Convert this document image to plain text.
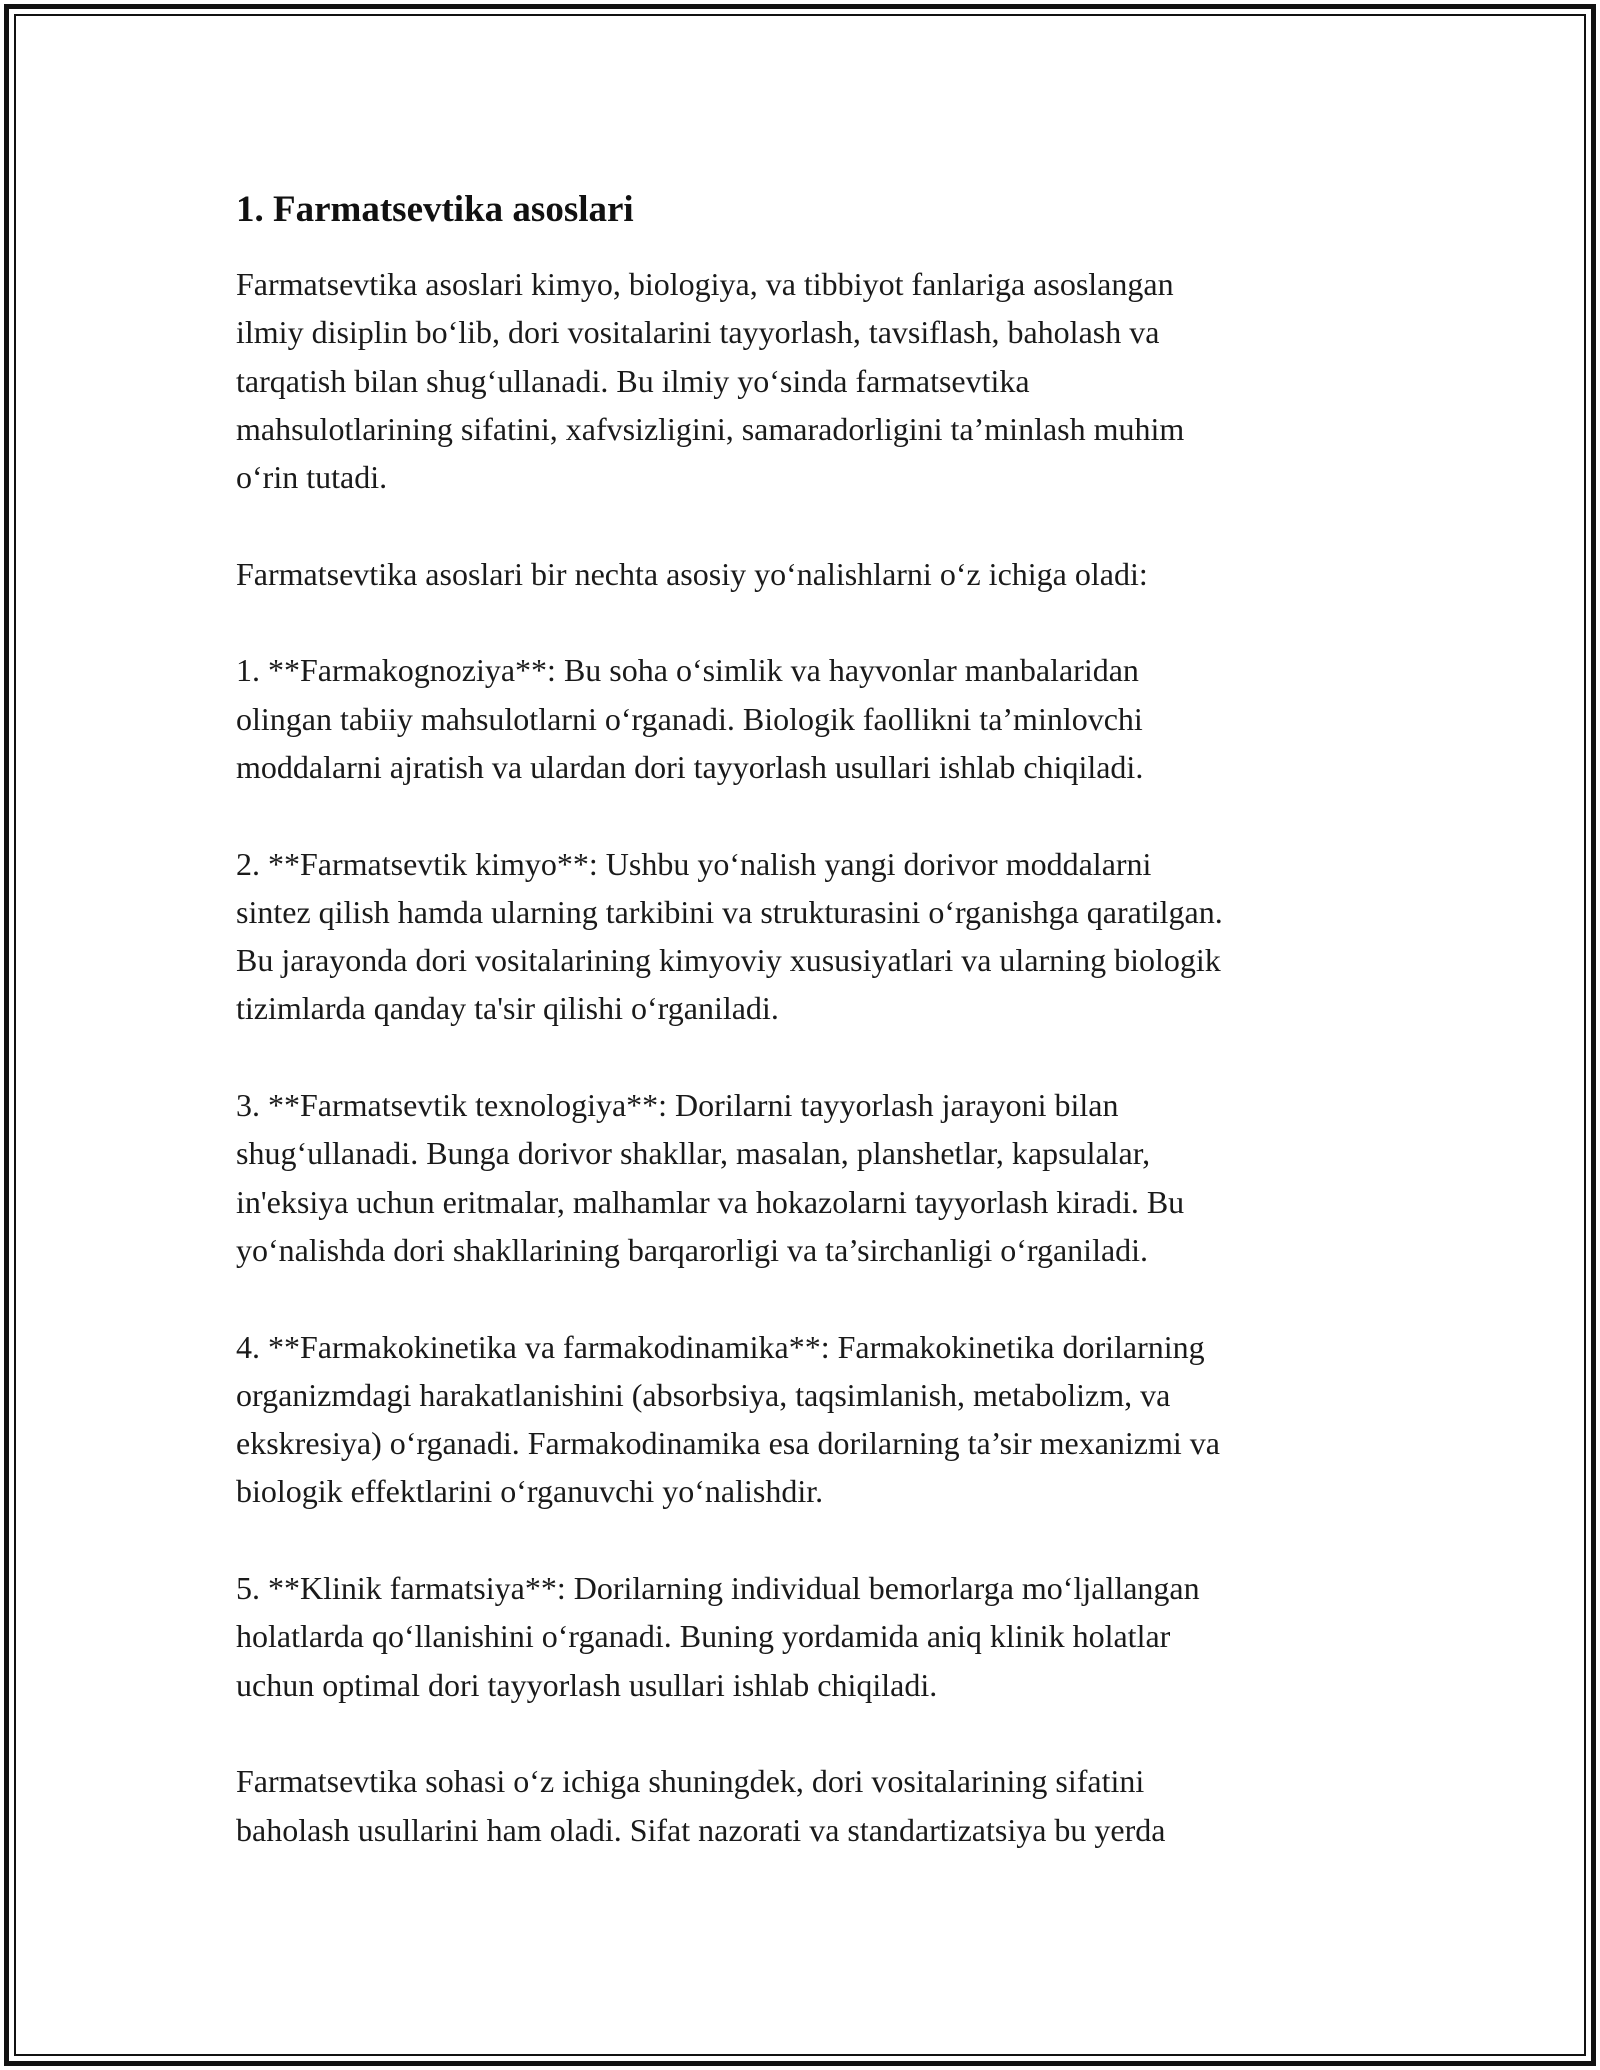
1. Farmatsevtika asoslari
Farmatsevtika asoslari kimyo, biologiya, va tibbiyot fanlariga asoslangan
ilmiy disiplin bo‘lib, dori vositalarini tayyorlash, tavsiflash, baholash va
tarqatish bilan shug‘ullanadi. Bu ilmiy yo‘sinda farmatsevtika
mahsulotlarining sifatini, xafvsizligini, samaradorligini ta’minlash muhim
o‘rin tutadi.
Farmatsevtika asoslari bir nechta asosiy yo‘nalishlarni o‘z ichiga oladi:
1. **Farmakognoziya**: Bu soha o‘simlik va hayvonlar manbalaridan
olingan tabiiy mahsulotlarni o‘rganadi. Biologik faollikni ta’minlovchi
moddalarni ajratish va ulardan dori tayyorlash usullari ishlab chiqiladi.
2. **Farmatsevtik kimyo**: Ushbu yo‘nalish yangi dorivor moddalarni
sintez qilish hamda ularning tarkibini va strukturasini o‘rganishga qaratilgan.
Bu jarayonda dori vositalarining kimyoviy xususiyatlari va ularning biologik
tizimlarda qanday ta'sir qilishi o‘rganiladi.
3. **Farmatsevtik texnologiya**: Dorilarni tayyorlash jarayoni bilan
shug‘ullanadi. Bunga dorivor shakllar, masalan, planshetlar, kapsulalar,
in'eksiya uchun eritmalar, malhamlar va hokazolarni tayyorlash kiradi. Bu
yo‘nalishda dori shakllarining barqarorligi va ta’sirchanligi o‘rganiladi.
4. **Farmakokinetika va farmakodinamika**: Farmakokinetika dorilarning
organizmdagi harakatlanishini (absorbsiya, taqsimlanish, metabolizm, va
ekskresiya) o‘rganadi. Farmakodinamika esa dorilarning ta’sir mexanizmi va
biologik effektlarini o‘rganuvchi yo‘nalishdir.
5. **Klinik farmatsiya**: Dorilarning individual bemorlarga mo‘ljallangan
holatlarda qo‘llanishini o‘rganadi. Buning yordamida aniq klinik holatlar
uchun optimal dori tayyorlash usullari ishlab chiqiladi.
Farmatsevtika sohasi o‘z ichiga shuningdek, dori vositalarining sifatini
baholash usullarini ham oladi. Sifat nazorati va standartizatsiya bu yerda
